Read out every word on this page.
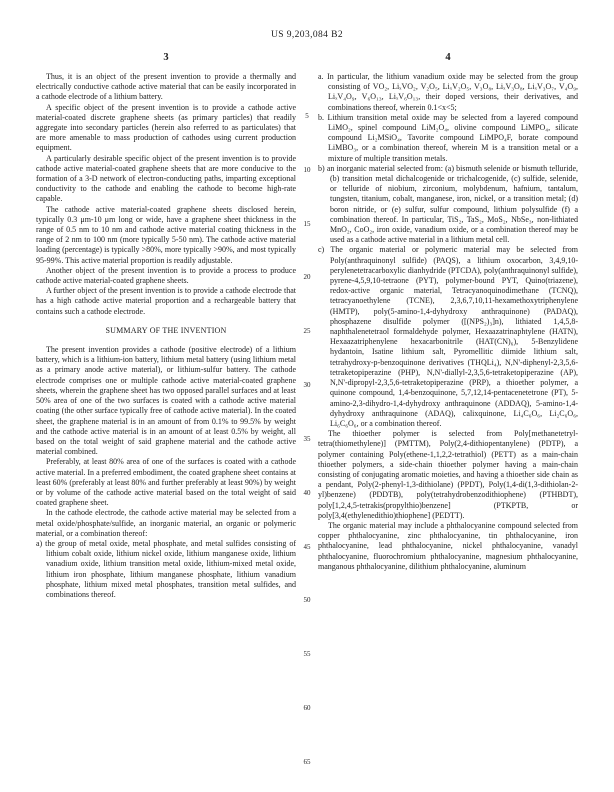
US 9,203,084 B2
3	4
5
10
15
20
25
30
35
40
45
50
55
60
65

Thus, it is an object of the present invention to provide a thermally and electrically conductive cathode active material that can be easily incorporated in a cathode electrode of a lithium battery.

A specific object of the present invention is to provide a cathode active material-coated discrete graphene sheets (as primary particles) that readily aggregate into secondary particles (herein also referred to as particulates) that are more amenable to mass production of cathodes using current production equipment.

A particularly desirable specific object of the present invention is to provide cathode active material-coated graphene sheets that are more conducive to the formation of a 3-D network of electron-conducting paths, imparting exceptional conductivity to the cathode and enabling the cathode to become high-rate capable.

The cathode active material-coated graphene sheets disclosed herein, typically 0.3 μm-10 μm long or wide, have a graphene sheet thickness in the range of 0.5 nm to 10 nm and cathode active material coating thickness in the range of 2 nm to 100 nm (more typically 5-50 nm). The cathode active material loading (percentage) is typically >80%, more typically >90%, and most typically 95-99%. This active material proportion is readily adjustable.

Another object of the present invention is to provide a process to produce cathode active material-coated graphene sheets.

A further object of the present invention is to provide a cathode electrode that has a high cathode active material proportion and a rechargeable battery that contains such a cathode electrode.

SUMMARY OF THE INVENTION

The present invention provides a cathode (positive electrode) of a lithium battery, which is a lithium-ion battery, lithium metal battery (using lithium metal as a primary anode active material), or lithium-sulfur battery. The cathode electrode comprises one or multiple cathode active material-coated graphene sheets, wherein the graphene sheet has two opposed parallel surfaces and at least 50% area of one of the two surfaces is coated with a cathode active material coating (the other surface typically free of cathode active material). In the coated sheet, the graphene material is in an amount of from 0.1% to 99.5% by weight and the cathode active material is in an amount of at least 0.5% by weight, all based on the total weight of said graphene material and the cathode active material combined.

Preferably, at least 80% area of one of the surfaces is coated with a cathode active material. In a preferred embodiment, the coated graphene sheet contains at least 60% (preferably at least 80% and further preferably at least 90%) by weight or by volume of the cathode active material based on the total weight of said coated graphene sheet.

In the cathode electrode, the cathode active material may be selected from a metal oxide/phosphate/sulfide, an inorganic material, an organic or polymeric material, or a combination thereof:

a) the group of metal oxide, metal phosphate, and metal sulfides consisting of lithium cobalt oxide, lithium nickel oxide, lithium manganese oxide, lithium vanadium oxide, lithium transition metal oxide, lithium-mixed metal oxide, lithium iron phosphate, lithium manganese phosphate, lithium vanadium phosphate, lithium mixed metal phosphates, transition metal sulfides, and combinations thereof.

a. In particular, the lithium vanadium oxide may be selected from the group consisting of VO₂, LiₓVO₂, V₂O₅, LiₓV₂O₅, V₃O₈, LiₓV₃O₈, LiₓV₃O₇, V₄O₉, LiₓV₄O₉, V₆O₁₃, LiₓV₆O₁₃, their doped versions, their derivatives, and combinations thereof, wherein 0.1<x<5;

b. Lithium transition metal oxide may be selected from a layered compound LiMO₂, spinel compound LiM₂O₄, olivine compound LiMPO₄, silicate compound Li₂MSiO₄, Tavorite compound LiMPO₄F, borate compound LiMBO₃, or a combination thereof, wherein M is a transition metal or a mixture of multiple transition metals.

b) an inorganic material selected from: (a) bismuth selenide or bismuth telluride, (b) transition metal dichalcogenide or trichalcogenide, (c) sulfide, selenide, or telluride of niobium, zirconium, molybdenum, hafnium, tantalum, tungsten, titanium, cobalt, manganese, iron, nickel, or a transition metal; (d) boron nitride, or (e) sulfur, sulfur compound, lithium polysulfide (f) a combination thereof. In particular, TiS₂, TaS₂, MoS₂, NbSe₃, non-lithiated MnO₂, CoO₂, iron oxide, vanadium oxide, or a combination thereof may be used as a cathode active material in a lithium metal cell.

c) The organic material or polymeric material may be selected from Poly(anthraquinonyl sulfide) (PAQS), a lithium oxocarbon, 3,4,9,10-perylenetetracarboxylic dianhydride (PTCDA), poly(anthraquinonyl sulfide), pyrene-4,5,9,10-tetraone (PYT), polymer-bound PYT, Quino(triazene), redox-active organic material, Tetracyanoquinodimethane (TCNQ), tetracyanoethylene (TCNE), 2,3,6,7,10,11-hexamethoxytriphenylene (HMTP), poly(5-amino-1,4-dyhydroxy anthraquinone) (PADAQ), phosphazene disulfide polymer ([(NPS₂)₃]n), lithiated 1,4,5,8-naphthalenetetraol formaldehyde polymer, Hexaazatrinaphtylene (HATN), Hexaazatriphenylene hexacarbonitrile (HAT(CN)₆), 5-Benzylidene hydantoin, Isatine lithium salt, Pyromellitic diimide lithium salt, tetrahydroxy-p-benzoquinone derivatives (THQLi₄), N,N'-diphenyl-2,3,5,6-tetraketopiperazine (PHP), N,N'-diallyl-2,3,5,6-tetraketopiperazine (AP), N,N'-dipropyl-2,3,5,6-tetraketopiperazine (PRP), a thioether polymer, a quinone compound, 1,4-benzoquinone, 5,7,12,14-pentacenetetrone (PT), 5-amino-2,3-dihydro-1,4-dyhydroxy anthraquinone (ADDAQ), 5-amino-1,4-dyhydroxy anthraquinone (ADAQ), calixquinone, Li₄C₆O₆, Li₂C₆O₆, Li₆C₆O₆, or a combination thereof.

The thioether polymer is selected from Poly[methanetetryl-tetra(thiomethylene)] (PMTTM), Poly(2,4-dithiopentanylene) (PDTP), a polymer containing Poly(ethene-1,1,2,2-tetrathiol) (PETT) as a main-chain thioether polymers, a side-chain thioether polymer having a main-chain consisting of conjugating aromatic moieties, and having a thioether side chain as a pendant, Poly(2-phenyl-1,3-dithiolane) (PPDT), Poly(1,4-di(1,3-dithiolan-2-yl)benzene) (PDDTB), poly(tetrahydrobenzodithiophene) (PTHBDT), poly[1,2,4,5-tetrakis(propylthio)benzene] (PTKPTB, or poly[3,4(ethylenedithio)thiophene] (PEDTT).

The organic material may include a phthalocyanine compound selected from copper phthalocyanine, zinc phthalocyanine, tin phthalocyanine, iron phthalocyanine, lead phthalocyanine, nickel phthalocyanine, vanadyl phthalocyanine, fluorochromium phthalocyanine, magnesium phthalocyanine, manganous phthalocyanine, dilithium phthalocyanine, aluminum
